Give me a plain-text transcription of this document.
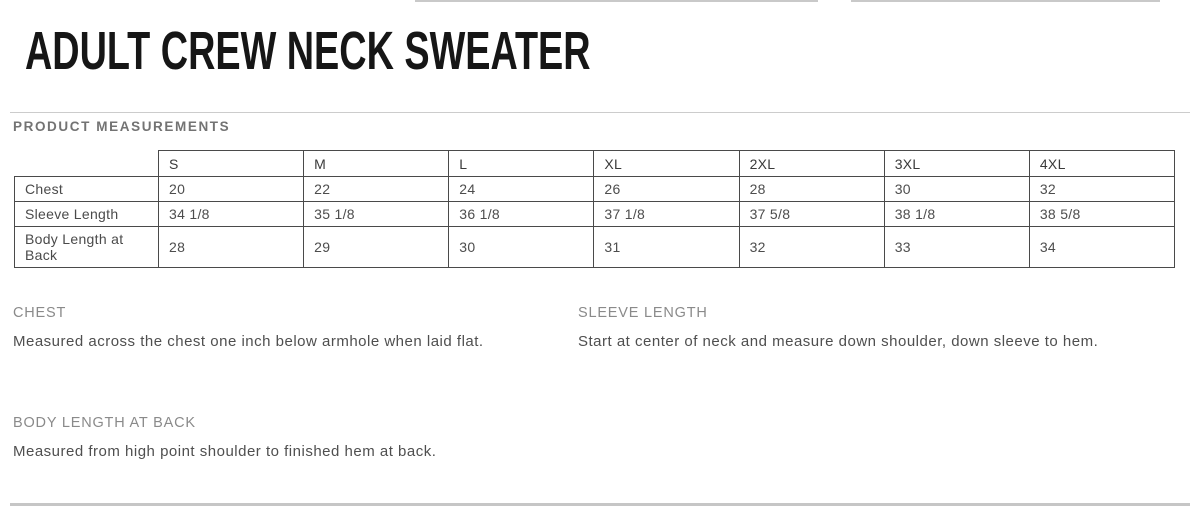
ADULT CREW NECK SWEATER
PRODUCT MEASUREMENTS
	S	M	L	XL	2XL	3XL	4XL
Chest	20	22	24	26	28	30	32
Sleeve Length	34 1/8	35 1/8	36 1/8	37 1/8	37 5/8	38 1/8	38 5/8
Body Length at Back	28	29	30	31	32	33	34
CHEST
Measured across the chest one inch below armhole when laid flat.
SLEEVE LENGTH
Start at center of neck and measure down shoulder, down sleeve to hem.
BODY LENGTH AT BACK
Measured from high point shoulder to finished hem at back.
